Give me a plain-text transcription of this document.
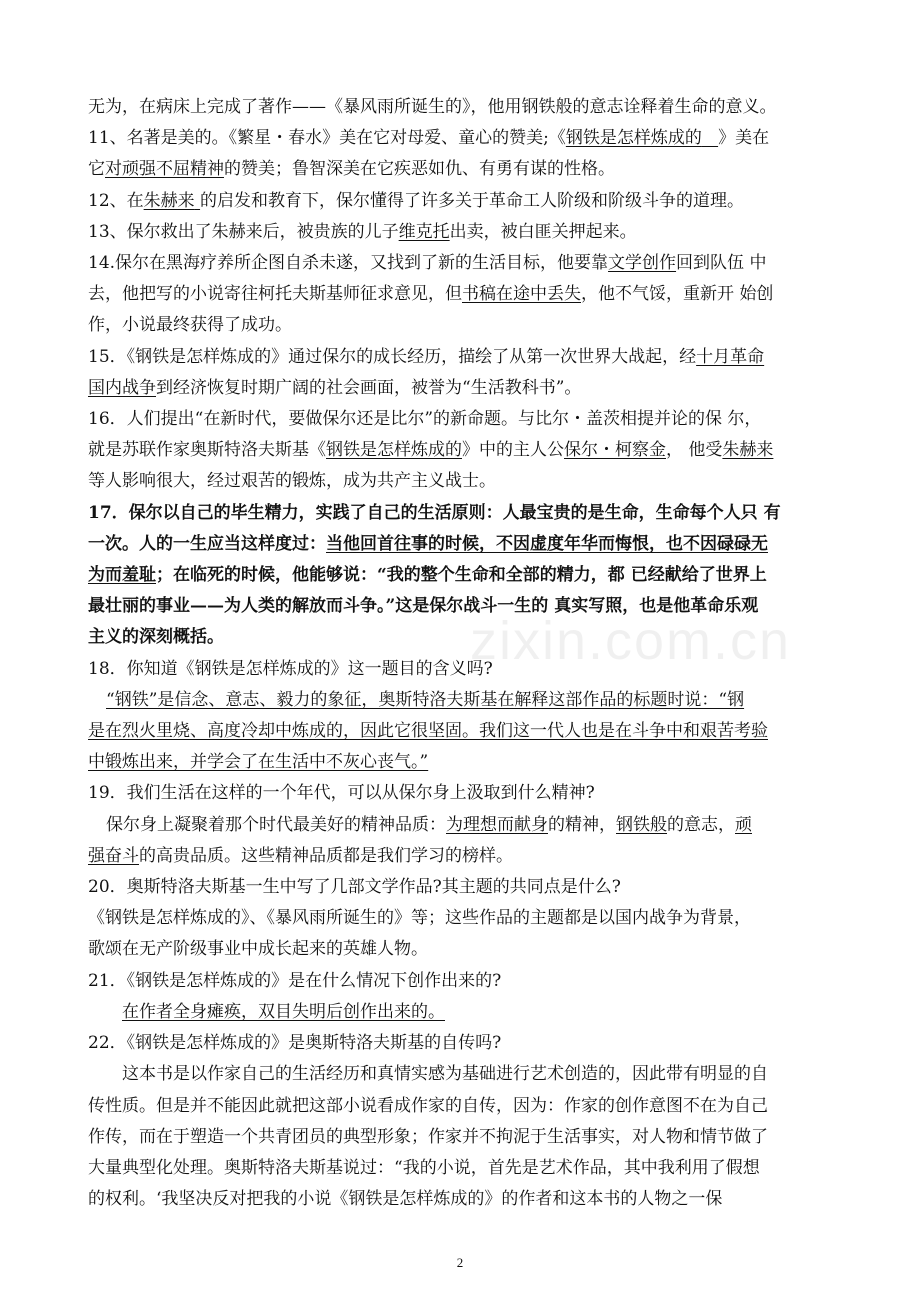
zixin.com.cn

无为，在病床上完成了著作——《暴风雨所诞生的》，他用钢铁般的意志诠释着生命的意义。

11、名著是美的。《繁星・春水》美在它对母爱、童心的赞美;《钢铁是怎样炼成的 》美在

它对顽强不屈精神的赞美；鲁智深美在它疾恶如仇、有勇有谋的性格。

12、在朱赫来 的启发和教育下，保尔懂得了许多关于革命工人阶级和阶级斗争的道理。

13、保尔救出了朱赫来后，被贵族的儿子维克托出卖，被白匪关押起来。

14.保尔在黑海疗养所企图自杀未遂，又找到了新的生活目标，他要靠文学创作回到队伍 中

去，他把写的小说寄往柯托夫斯基师征求意见，但书稿在途中丢失，他不气馁，重新开 始创

作，小说最终获得了成功。

15．《钢铁是怎样炼成的》通过保尔的成长经历，描绘了从第一次世界大战起，经十月革命

国内战争到经济恢复时期广阔的社会画面，被誉为“生活教科书”。

16．人们提出“在新时代，要做保尔还是比尔”的新命题。与比尔・盖茨相提并论的保 尔，

就是苏联作家奥斯特洛夫斯基《钢铁是怎样炼成的》中的主人公保尔・柯察金， 他受朱赫来

等人影响很大，经过艰苦的锻炼，成为共产主义战士。

17．保尔以自己的毕生精力，实践了自己的生活原则：人最宝贵的是生命，生命每个人只 有

一次。人的一生应当这样度过：当他回首往事的时候，不因虚度年华而悔恨，也不因碌碌无

为而羞耻；在临死的时候，他能够说：“我的整个生命和全部的精力，都 已经献给了世界上

最壮丽的事业——为人类的解放而斗争。”这是保尔战斗一生的 真实写照，也是他革命乐观

主义的深刻概括。

18．你知道《钢铁是怎样炼成的》这一题目的含义吗?

“钢铁”是信念、意志、毅力的象征，奥斯特洛夫斯基在解释这部作品的标题时说：“钢

是在烈火里烧、高度冷却中炼成的，因此它很坚固。我们这一代人也是在斗争中和艰苦考验

中锻炼出来，并学会了在生活中不灰心丧气。”

19．我们生活在这样的一个年代，可以从保尔身上汲取到什么精神?

保尔身上凝聚着那个时代最美好的精神品质：为理想而献身的精神，钢铁般的意志，顽

强奋斗的高贵品质。这些精神品质都是我们学习的榜样。

20．奥斯特洛夫斯基一生中写了几部文学作品?其主题的共同点是什么?

《钢铁是怎样炼成的》、《暴风雨所诞生的》等；这些作品的主题都是以国内战争为背景，

歌颂在无产阶级事业中成长起来的英雄人物。

21．《钢铁是怎样炼成的》是在什么情况下创作出来的?

在作者全身瘫痪，双目失明后创作出来的。

22．《钢铁是怎样炼成的》是奥斯特洛夫斯基的自传吗?

这本书是以作家自己的生活经历和真情实感为基础进行艺术创造的，因此带有明显的自

传性质。但是并不能因此就把这部小说看成作家的自传，因为：作家的创作意图不在为自己

作传，而在于塑造一个共青团员的典型形象；作家并不拘泥于生活事实，对人物和情节做了

大量典型化处理。奥斯特洛夫斯基说过：“我的小说，首先是艺术作品，其中我利用了假想

的权利。‘我坚决反对把我的小说《钢铁是怎样炼成的》的作者和这本书的人物之一保

2
